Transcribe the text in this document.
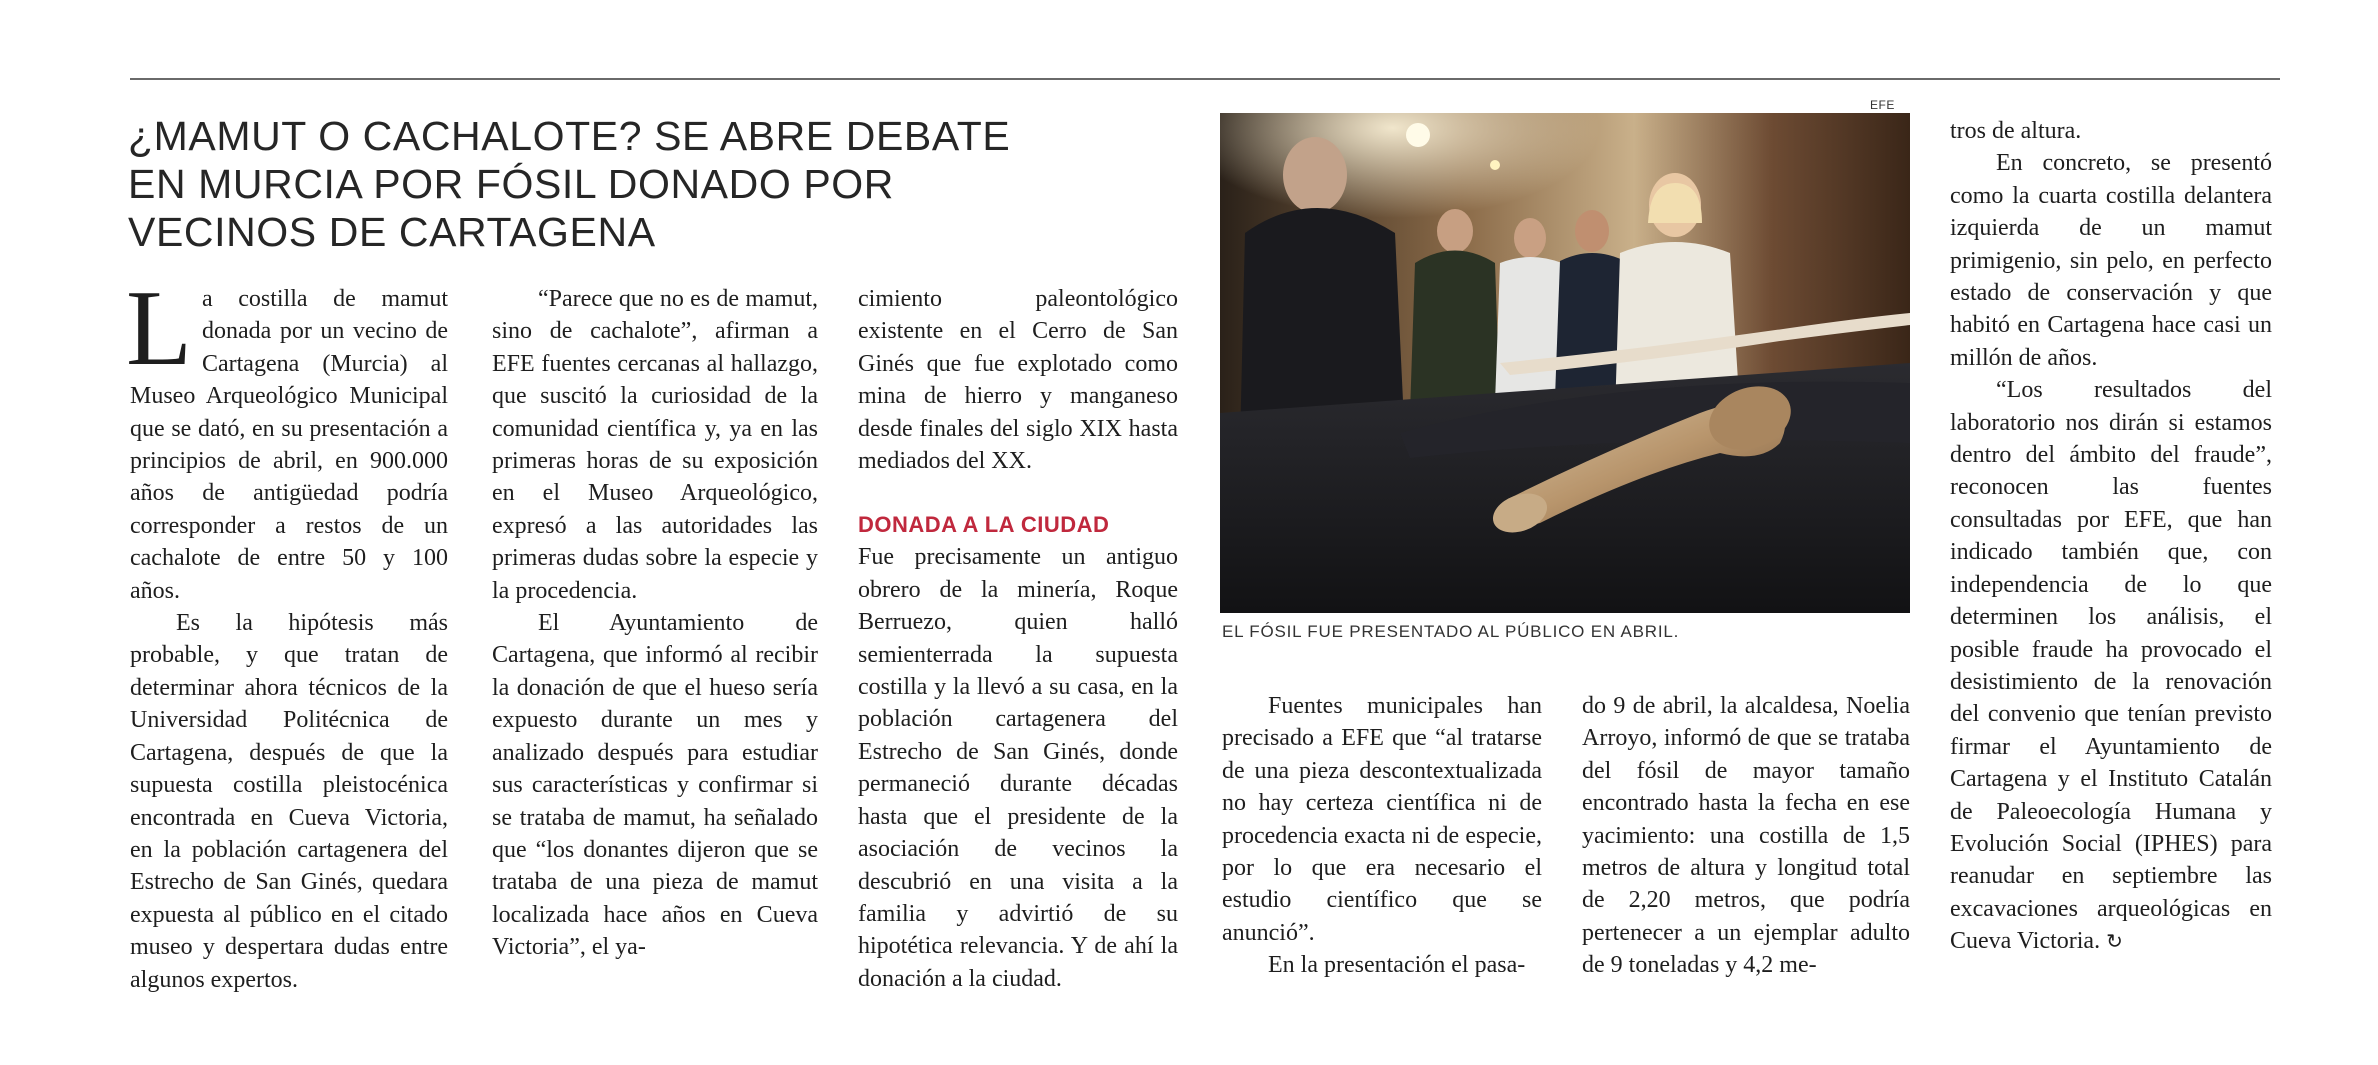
¿MAMUT O CACHALOTE? SE ABRE DEBATE
EN MURCIA POR FÓSIL DONADO POR
VECINOS DE CARTAGENA

La costilla de mamut donada por un vecino de Cartagena (Murcia) al Museo Arqueológico Municipal que se dató, en su presentación a principios de abril, en 900.000 años de antigüedad podría corresponder a restos de un cachalote de entre 50 y 100 años.

Es la hipótesis más probable, y que tratan de determinar ahora técnicos de la Universidad Politécnica de Cartagena, después de que la supuesta costilla pleistocénica encontrada en Cueva Victoria, en la población cartagenera del Estrecho de San Ginés, quedara expuesta al público en el citado museo y despertara dudas entre algunos expertos.

“Parece que no es de mamut, sino de cachalote”, afirman a EFE fuentes cercanas al hallazgo, que suscitó la curiosidad de la comunidad científica y, ya en las primeras horas de su exposición en el Museo Arqueológico, expresó a las autoridades las primeras dudas sobre la especie y la procedencia.

El Ayuntamiento de Cartagena, que informó al recibir la donación de que el hueso sería expuesto durante un mes y analizado después para estudiar sus características y confirmar si se trataba de mamut, ha señalado que “los donantes dijeron que se trataba de una pieza de mamut localizada hace años en Cueva Victoria”, el ya-

cimiento paleontológico existente en el Cerro de San Ginés que fue explotado como mina de hierro y manganeso desde finales del siglo XIX hasta mediados del XX.

DONADA A LA CIUDAD

Fue precisamente un antiguo obrero de la minería, Roque Berruezo, quien halló semienterrada la supuesta costilla y la llevó a su casa, en la población cartagenera del Estrecho de San Ginés, donde permaneció durante décadas hasta que el presidente de la asociación de vecinos la descubrió en una visita a la familia y advirtió de su hipotética relevancia. Y de ahí la donación a la ciudad.

EFE
EL FÓSIL FUE PRESENTADO AL PÚBLICO EN ABRIL.

Fuentes municipales han precisado a EFE que “al tratarse de una pieza descontextualizada no hay certeza científica ni de procedencia exacta ni de especie, por lo que era necesario el estudio científico que se anunció”.

En la presentación el pasa-

do 9 de abril, la alcaldesa, Noelia Arroyo, informó de que se trataba del fósil de mayor tamaño encontrado hasta la fecha en ese yacimiento: una costilla de 1,5 metros de altura y longitud total de 2,20 metros, que podría pertenecer a un ejemplar adulto de 9 toneladas y 4,2 me-

tros de altura.

En concreto, se presentó como la cuarta costilla delantera izquierda de un mamut primigenio, sin pelo, en perfecto estado de conservación y que habitó en Cartagena hace casi un millón de años.

“Los resultados del laboratorio nos dirán si estamos dentro del ámbito del fraude”, reconocen las fuentes consultadas por EFE, que han indicado también que, con independencia de lo que determinen los análisis, el posible fraude ha provocado el desistimiento de la renovación del convenio que tenían previsto firmar el Ayuntamiento de Cartagena y el Instituto Catalán de Paleoecología Humana y Evolución Social (IPHES) para reanudar en septiembre las excavaciones arqueológicas en Cueva Victoria. ↻
